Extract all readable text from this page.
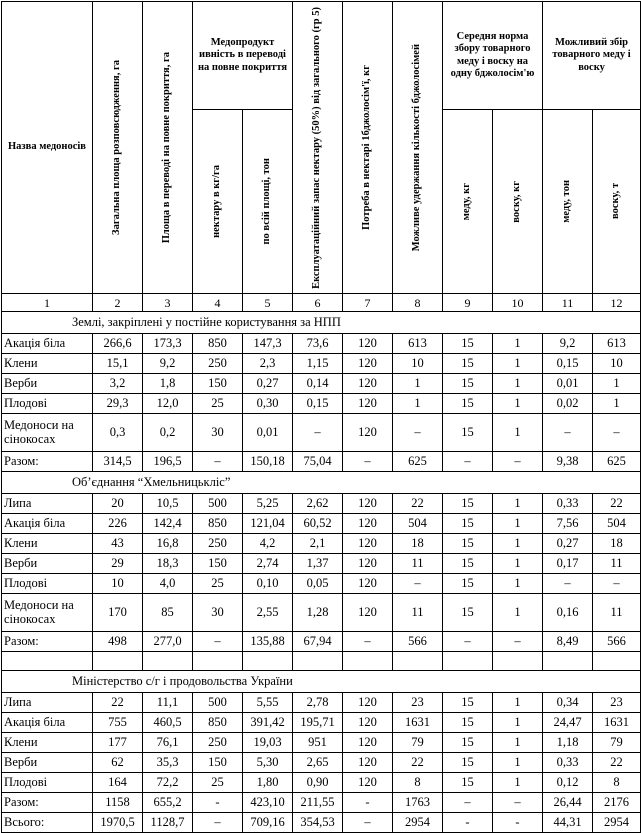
Назва медоносів	Загальна площа розповсюдження, га	Площа в переводі на повне покриття, га	Медопродукт ивність в переводі на повне покриття		Експлуатаційний запас нектару (50%) від загального (гр 5)	Потреба в нектарі 1бджолосім'ї, кг	Можливе удержання кількості бджолосімей	Середня норма збору товарного меду і воску на одну бджолосім'ю		Можливий збір товарного меду і воску	

			нектару в кг/га	по всій площі, тон				меду, кг	воску, кг	меду, тон	воску, т

1	2	3	4	5	6	7	8	9	10	11	12
Землі, закріплені у постійне користування за НПП											
Акація біла	266,6	173,3	850	147,3	73,6	120	613	15	1	9,2	613
Клени	15,1	9,2	250	2,3	1,15	120	10	15	1	0,15	10
Верби	3,2	1,8	150	0,27	0,14	120	1	15	1	0,01	1
Плодові	29,3	12,0	25	0,30	0,15	120	1	15	1	0,02	1
Медоноси на сінокосах	0,3	0,2	30	0,01	–	120	–	15	1	–	–
Разом:	314,5	196,5	–	150,18	75,04	–	625	–	–	9,38	625
Об’єднання “Хмельницькліс”											
Липа	20	10,5	500	5,25	2,62	120	22	15	1	0,33	22
Акація біла	226	142,4	850	121,04	60,52	120	504	15	1	7,56	504
Клени	43	16,8	250	4,2	2,1	120	18	15	1	0,27	18
Верби	29	18,3	150	2,74	1,37	120	11	15	1	0,17	11
Плодові	10	4,0	25	0,10	0,05	120	–	15	1	–	–
Медоноси на сінокосах	170	85	30	2,55	1,28	120	11	15	1	0,16	11
Разом:	498	277,0	–	135,88	67,94	–	566	–	–	8,49	566

Міністерство с/г і продовольства України											
Липа	22	11,1	500	5,55	2,78	120	23	15	1	0,34	23
Акація біла	755	460,5	850	391,42	195,71	120	1631	15	1	24,47	1631
Клени	177	76,1	250	19,03	951	120	79	15	1	1,18	79
Верби	62	35,3	150	5,30	2,65	120	22	15	1	0,33	22
Плодові	164	72,2	25	1,80	0,90	120	8	15	1	0,12	8
Разом:	1158	655,2	-	423,10	211,55	-	1763	–	–	26,44	2176
Всього:	1970,5	1128,7	–	709,16	354,53	–	2954	-	-	44,31	2954
